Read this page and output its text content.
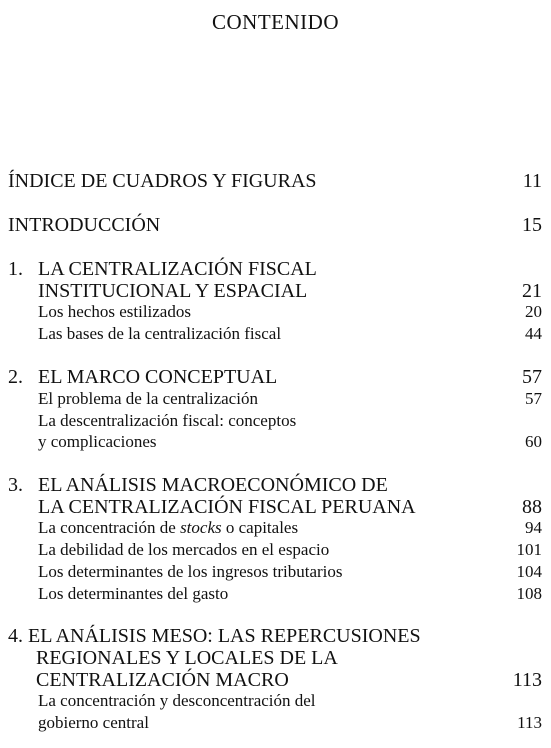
CONTENIDO
ÍNDICE DE CUADROS Y FIGURAS	11
INTRODUCCIÓN	15
1. LA CENTRALIZACIÓN FISCAL
INSTITUCIONAL Y ESPACIAL	21
Los hechos estilizados	20
Las bases de la centralización fiscal	44
2. EL MARCO CONCEPTUAL	57
El problema de la centralización	57
La descentralización fiscal: conceptos
y complicaciones	60
3. EL ANÁLISIS MACROECONÓMICO DE
LA CENTRALIZACIÓN FISCAL PERUANA	88
La concentración de stocks o capitales	94
La debilidad de los mercados en el espacio	101
Los determinantes de los ingresos tributarios	104
Los determinantes del gasto	108
4. EL ANÁLISIS MESO: LAS REPERCUSIONES
REGIONALES Y LOCALES DE LA
CENTRALIZACIÓN MACRO	113
La concentración y desconcentración del
gobierno central	113
